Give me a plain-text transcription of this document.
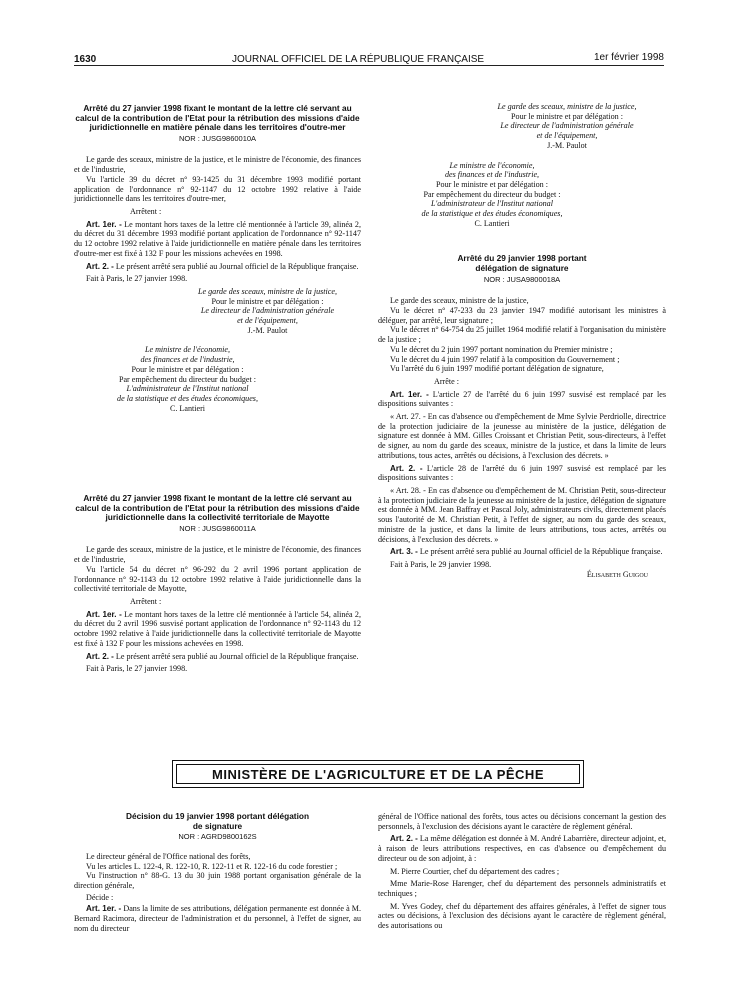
1630	JOURNAL OFFICIEL DE LA RÉPUBLIQUE FRANÇAISE	1er février 1998
Arrêté du 27 janvier 1998 fixant le montant de la lettre clé servant au calcul de la contribution de l'Etat pour la rétribution des missions d'aide juridictionnelle en matière pénale dans les territoires d'outre-mer
NOR : JUSG9860010A

Le garde des sceaux, ministre de la justice, et le ministre de l'économie, des finances et de l'industrie,

Vu l'article 39 du décret n° 93-1425 du 31 décembre 1993 modifié portant application de l'ordonnance n° 92-1147 du 12 octobre 1992 relative à l'aide juridictionnelle dans les territoires d'outre-mer,

Arrêtent :

Art. 1er. - Le montant hors taxes de la lettre clé mentionnée à l'article 39, alinéa 2, du décret du 31 décembre 1993 modifié portant application de l'ordonnance n° 92-1147 du 12 octobre 1992 relative à l'aide juridictionnelle en matière pénale dans les territoires d'outre-mer est fixé à 132 F pour les missions achevées en 1998.

Art. 2. - Le présent arrêté sera publié au Journal officiel de la République française.

Fait à Paris, le 27 janvier 1998.

Le garde des sceaux, ministre de la justice,
Pour le ministre et par délégation :
Le directeur de l'administration générale
et de l'équipement,
J.-M. Paulot
Le ministre de l'économie,
des finances et de l'industrie,
Pour le ministre et par délégation :
Par empêchement du directeur du budget :
L'administrateur de l'Institut national
de la statistique et des études économiques,
C. Lantieri
Arrêté du 27 janvier 1998 fixant le montant de la lettre clé servant au calcul de la contribution de l'Etat pour la rétribution des missions d'aide juridictionnelle dans la collectivité territoriale de Mayotte
NOR : JUSG9860011A

Le garde des sceaux, ministre de la justice, et le ministre de l'économie, des finances et de l'industrie,

Vu l'article 54 du décret n° 96-292 du 2 avril 1996 portant application de l'ordonnance n° 92-1143 du 12 octobre 1992 relative à l'aide juridictionnelle dans la collectivité territoriale de Mayotte,

Arrêtent :

Art. 1er. - Le montant hors taxes de la lettre clé mentionnée à l'article 54, alinéa 2, du décret du 2 avril 1996 susvisé portant application de l'ordonnance n° 92-1143 du 12 octobre 1992 relative à l'aide juridictionnelle dans la collectivité territoriale de Mayotte est fixé à 132 F pour les missions achevées en 1998.

Art. 2. - Le présent arrêté sera publié au Journal officiel de la République française.

Fait à Paris, le 27 janvier 1998.

Le garde des sceaux, ministre de la justice,
Pour le ministre et par délégation :
Le directeur de l'administration générale
et de l'équipement,
J.-M. Paulot
Le ministre de l'économie,
des finances et de l'industrie,
Pour le ministre et par délégation :
Par empêchement du directeur du budget :
L'administrateur de l'Institut national
de la statistique et des études économiques,
C. Lantieri
Arrêté du 29 janvier 1998 portant délégation de signature
NOR : JUSA9800018A

Le garde des sceaux, ministre de la justice,

Vu le décret n° 47-233 du 23 janvier 1947 modifié autorisant les ministres à déléguer, par arrêté, leur signature ;

Vu le décret n° 64-754 du 25 juillet 1964 modifié relatif à l'organisation du ministère de la justice ;

Vu le décret du 2 juin 1997 portant nomination du Premier ministre ;

Vu le décret du 4 juin 1997 relatif à la composition du Gouvernement ;

Vu l'arrêté du 6 juin 1997 modifié portant délégation de signature,

Arrête :

Art. 1er. - L'article 27 de l'arrêté du 6 juin 1997 susvisé est remplacé par les dispositions suivantes :

« Art. 27. - En cas d'absence ou d'empêchement de Mme Sylvie Perdriolle, directrice de la protection judiciaire de la jeunesse au ministère de la justice, délégation de signature est donnée à MM. Gilles Croissant et Christian Petit, sous-directeurs, à l'effet de signer, au nom du garde des sceaux, ministre de la justice, et dans la limite de leurs attributions, tous actes, arrêtés ou décisions, à l'exclusion des décrets. »

Art. 2. - L'article 28 de l'arrêté du 6 juin 1997 susvisé est remplacé par les dispositions suivantes :

« Art. 28. - En cas d'absence ou d'empêchement de M. Christian Petit, sous-directeur à la protection judiciaire de la jeunesse au ministère de la justice, délégation de signature est donnée à MM. Jean Baffray et Pascal Joly, administrateurs civils, directement placés sous l'autorité de M. Christian Petit, à l'effet de signer, au nom du garde des sceaux, ministre de la justice, et dans la limite de leurs attributions, tous actes, arrêtés ou décisions, à l'exclusion des décrets. »

Art. 3. - Le présent arrêté sera publié au Journal officiel de la République française.

Fait à Paris, le 29 janvier 1998.

Élisabeth Guigou

MINISTÈRE DE L'AGRICULTURE ET DE LA PÊCHE
Décision du 19 janvier 1998 portant délégation de signature
NOR : AGRD9800162S

Le directeur général de l'Office national des forêts,

Vu les articles L. 122-4, R. 122-10, R. 122-11 et R. 122-16 du code forestier ;

Vu l'instruction n° 88-G. 13 du 30 juin 1988 portant organisation générale de la direction générale,

Décide :

Art. 1er. - Dans la limite de ses attributions, délégation permanente est donnée à M. Bernard Racimora, directeur de l'administration et du personnel, à l'effet de signer, au nom du directeur

général de l'Office national des forêts, tous actes ou décisions concernant la gestion des personnels, à l'exclusion des décisions ayant le caractère de règlement général.

Art. 2. - La même délégation est donnée à M. André Labarrière, directeur adjoint, et, à raison de leurs attributions respectives, en cas d'absence ou d'empêchement du directeur ou de son adjoint, à :

M. Pierre Courtier, chef du département des cadres ;

Mme Marie-Rose Harenger, chef du département des personnels administratifs et techniques ;

M. Yves Godey, chef du département des affaires générales, à l'effet de signer tous actes ou décisions, à l'exclusion des décisions ayant le caractère de règlement général, des autorisations ou
